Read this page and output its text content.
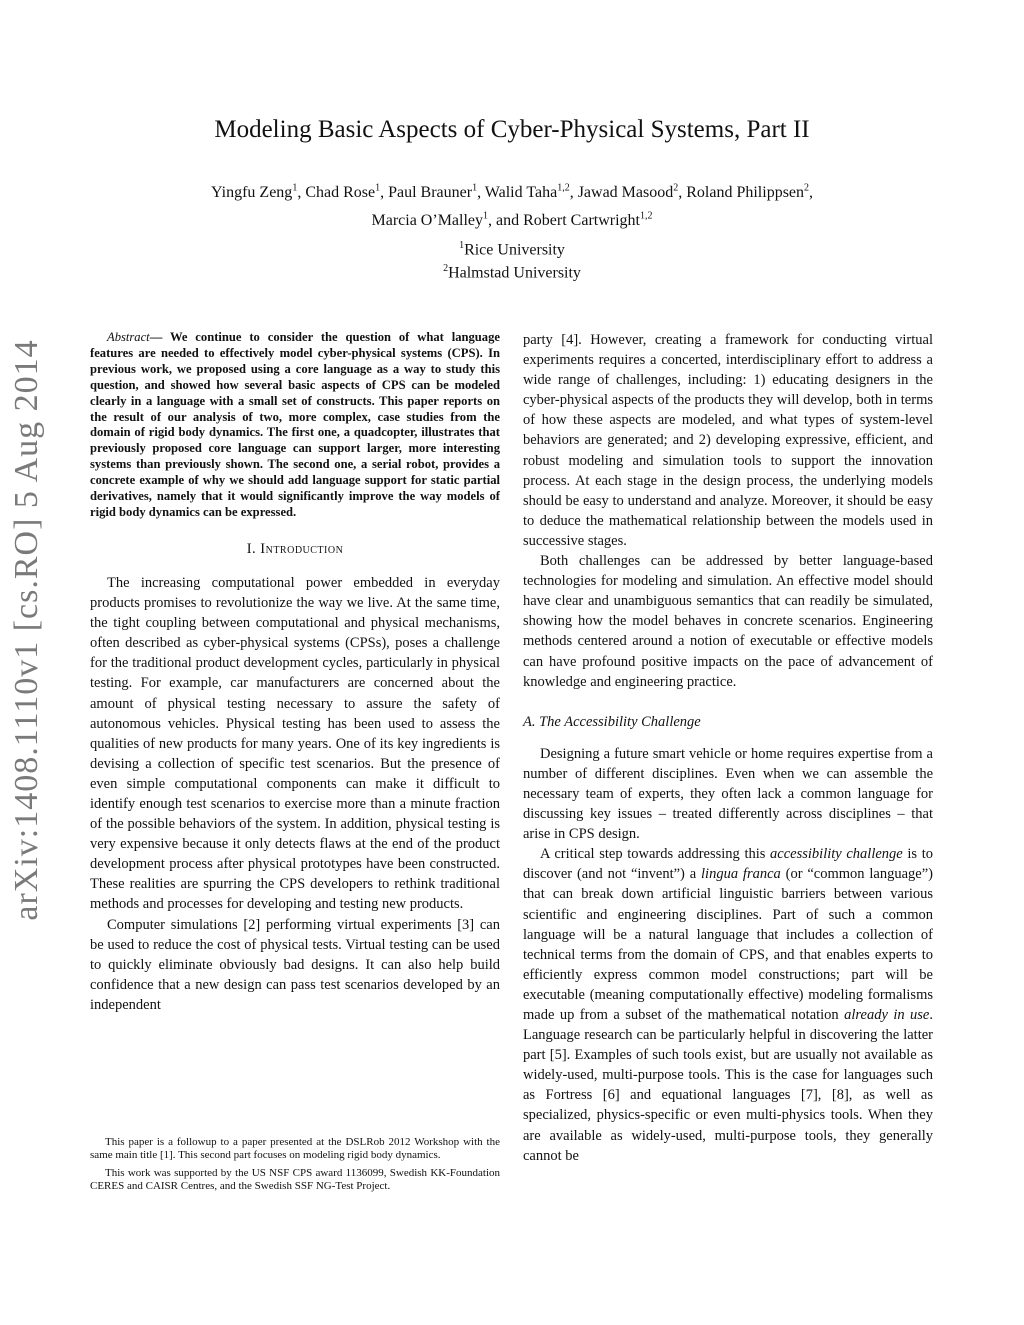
arXiv:1408.1110v1 [cs.RO] 5 Aug 2014
Modeling Basic Aspects of Cyber-Physical Systems, Part II
Yingfu Zeng$^1$, Chad Rose$^1$, Paul Brauner$^1$, Walid Taha$^{1,2}$, Jawad Masood$^2$, Roland Philippsen$^2$,
Marcia O’Malley$^1$, and Robert Cartwright$^{1,2}$
$^1$Rice University
$^2$Halmstad University

Abstract— We continue to consider the question of what language features are needed to effectively model cyber-physical systems (CPS). In previous work, we proposed using a core language as a way to study this question, and showed how several basic aspects of CPS can be modeled clearly in a language with a small set of constructs. This paper reports on the result of our analysis of two, more complex, case studies from the domain of rigid body dynamics. The first one, a quadcopter, illustrates that previously proposed core language can support larger, more interesting systems than previously shown. The second one, a serial robot, provides a concrete example of why we should add language support for static partial derivatives, namely that it would significantly improve the way models of rigid body dynamics can be expressed.

I. Introduction

The increasing computational power embedded in everyday products promises to revolutionize the way we live. At the same time, the tight coupling between computational and physical mechanisms, often described as cyber-physical systems (CPSs), poses a challenge for the traditional product development cycles, particularly in physical testing. For example, car manufacturers are concerned about the amount of physical testing necessary to assure the safety of autonomous vehicles. Physical testing has been used to assess the qualities of new products for many years. One of its key ingredients is devising a collection of specific test scenarios. But the presence of even simple computational components can make it difficult to identify enough test scenarios to exercise more than a minute fraction of the possible behaviors of the system. In addition, physical testing is very expensive because it only detects flaws at the end of the product development process after physical prototypes have been constructed. These realities are spurring the CPS developers to rethink traditional methods and processes for developing and testing new products.

Computer simulations [2] performing virtual experiments [3] can be used to reduce the cost of physical tests. Virtual testing can be used to quickly eliminate obviously bad designs. It can also help build confidence that a new design can pass test scenarios developed by an independent

party [4]. However, creating a framework for conducting virtual experiments requires a concerted, interdisciplinary effort to address a wide range of challenges, including: 1) educating designers in the cyber-physical aspects of the products they will develop, both in terms of how these aspects are modeled, and what types of system-level behaviors are generated; and 2) developing expressive, efficient, and robust modeling and simulation tools to support the innovation process. At each stage in the design process, the underlying models should be easy to understand and analyze. Moreover, it should be easy to deduce the mathematical relationship between the models used in successive stages.

Both challenges can be addressed by better language-based technologies for modeling and simulation. An effective model should have clear and unambiguous semantics that can readily be simulated, showing how the model behaves in concrete scenarios. Engineering methods centered around a notion of executable or effective models can have profound positive impacts on the pace of advancement of knowledge and engineering practice.

A. The Accessibility Challenge

Designing a future smart vehicle or home requires expertise from a number of different disciplines. Even when we can assemble the necessary team of experts, they often lack a common language for discussing key issues – treated differently across disciplines – that arise in CPS design.

A critical step towards addressing this accessibility challenge is to discover (and not “invent”) a lingua franca (or “common language”) that can break down artificial linguistic barriers between various scientific and engineering disciplines. Part of such a common language will be a natural language that includes a collection of technical terms from the domain of CPS, and that enables experts to efficiently express common model constructions; part will be executable (meaning computationally effective) modeling formalisms made up from a subset of the mathematical notation already in use. Language research can be particularly helpful in discovering the latter part [5]. Examples of such tools exist, but are usually not available as widely-used, multi-purpose tools. This is the case for languages such as Fortress [6] and equational languages [7], [8], as well as specialized, physics-specific or even multi-physics tools. When they are available as widely-used, multi-purpose tools, they generally cannot be

This paper is a followup to a paper presented at the DSLRob 2012 Workshop with the same main title [1]. This second part focuses on modeling rigid body dynamics.

This work was supported by the US NSF CPS award 1136099, Swedish KK-Foundation CERES and CAISR Centres, and the Swedish SSF NG-Test Project.
